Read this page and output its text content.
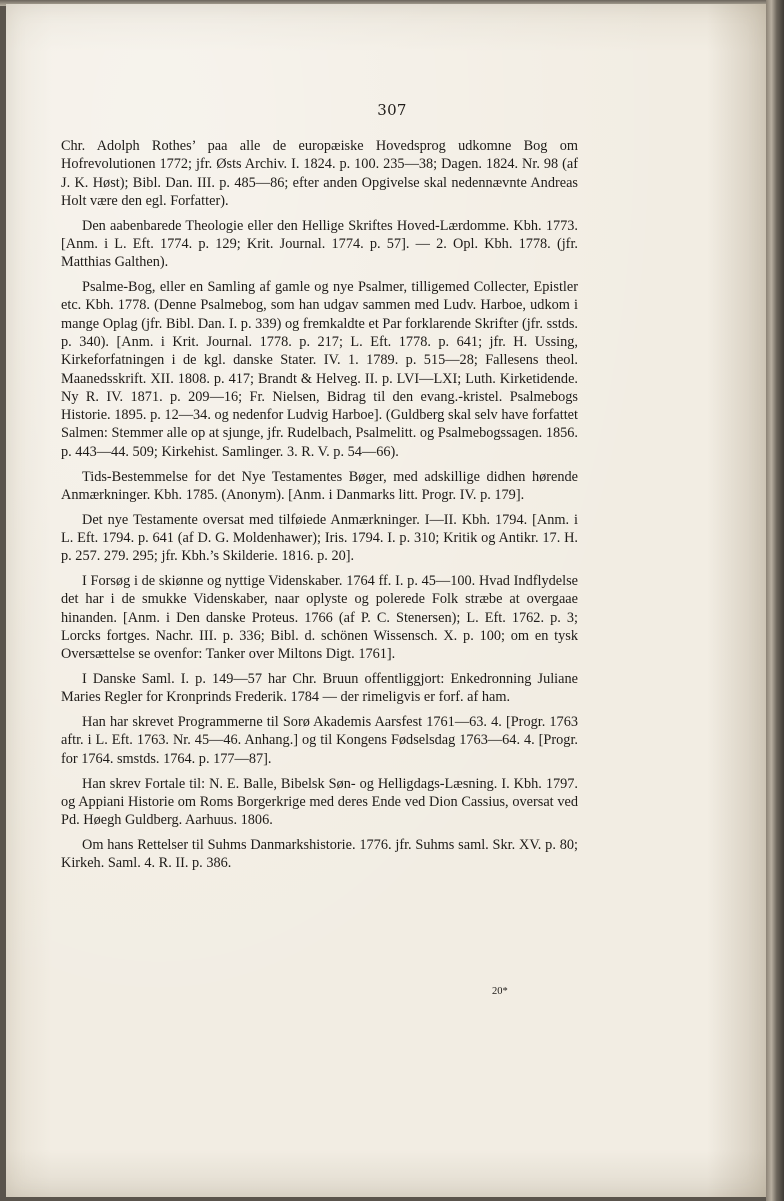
307

Chr. Adolph Rothes’ paa alle de europæiske Hovedsprog udkomne Bog om Hofrevolutionen 1772; jfr. Østs Archiv. I. 1824. p. 100. 235—38; Dagen. 1824. Nr. 98 (af J. K. Høst); Bibl. Dan. III. p. 485—86; efter anden Opgivelse skal nedennævnte Andreas Holt være den egl. Forfatter).

Den aabenbarede Theologie eller den Hellige Skriftes Hoved-Lærdomme. Kbh. 1773. [Anm. i L. Eft. 1774. p. 129; Krit. Journal. 1774. p. 57]. — 2. Opl. Kbh. 1778. (jfr. Matthias Galthen).

Psalme-Bog, eller en Samling af gamle og nye Psalmer, tilligemed Collecter, Epistler etc. Kbh. 1778. (Denne Psalmebog, som han udgav sammen med Ludv. Harboe, udkom i mange Oplag (jfr. Bibl. Dan. I. p. 339) og fremkaldte et Par forklarende Skrifter (jfr. sstds. p. 340). [Anm. i Krit. Journal. 1778. p. 217; L. Eft. 1778. p. 641; jfr. H. Ussing, Kirkeforfatningen i de kgl. danske Stater. IV. 1. 1789. p. 515—28; Fallesens theol. Maanedsskrift. XII. 1808. p. 417; Brandt & Helveg. II. p. LVI—LXI; Luth. Kirketidende. Ny R. IV. 1871. p. 209—16; Fr. Nielsen, Bidrag til den evang.-kristel. Psalmebogs Historie. 1895. p. 12—34. og nedenfor Ludvig Harboe]. (Guldberg skal selv have forfattet Salmen: Stemmer alle op at sjunge, jfr. Rudelbach, Psalmelitt. og Psalmebogssagen. 1856. p. 443—44. 509; Kirkehist. Samlinger. 3. R. V. p. 54—66).

Tids-Bestemmelse for det Nye Testamentes Bøger, med adskillige didhen hørende Anmærkninger. Kbh. 1785. (Anonym). [Anm. i Danmarks litt. Progr. IV. p. 179].

Det nye Testamente oversat med tilføiede Anmærkninger. I—II. Kbh. 1794. [Anm. i L. Eft. 1794. p. 641 (af D. G. Moldenhawer); Iris. 1794. I. p. 310; Kritik og Antikr. 17. H. p. 257. 279. 295; jfr. Kbh.’s Skilderie. 1816. p. 20].

I Forsøg i de skiønne og nyttige Videnskaber. 1764 ff. I. p. 45—100. Hvad Indflydelse det har i de smukke Videnskaber, naar oplyste og polerede Folk stræbe at overgaae hinanden. [Anm. i Den danske Proteus. 1766 (af P. C. Stenersen); L. Eft. 1762. p. 3; Lorcks fortges. Nachr. III. p. 336; Bibl. d. schönen Wissensch. X. p. 100; om en tysk Oversættelse se ovenfor: Tanker over Miltons Digt. 1761].

I Danske Saml. I. p. 149—57 har Chr. Bruun offentliggjort: Enkedronning Juliane Maries Regler for Kronprinds Frederik. 1784 — der rimeligvis er forf. af ham.

Han har skrevet Programmerne til Sorø Akademis Aarsfest 1761—63. 4. [Progr. 1763 aftr. i L. Eft. 1763. Nr. 45—46. Anhang.] og til Kongens Fødselsdag 1763—64. 4. [Progr. for 1764. smstds. 1764. p. 177—87].

Han skrev Fortale til: N. E. Balle, Bibelsk Søn- og Helligdags-Læsning. I. Kbh. 1797. og Appiani Historie om Roms Borgerkrige med deres Ende ved Dion Cassius, oversat ved Pd. Høegh Guldberg. Aarhuus. 1806.

Om hans Rettelser til Suhms Danmarkshistorie. 1776. jfr. Suhms saml. Skr. XV. p. 80; Kirkeh. Saml. 4. R. II. p. 386.

20*
